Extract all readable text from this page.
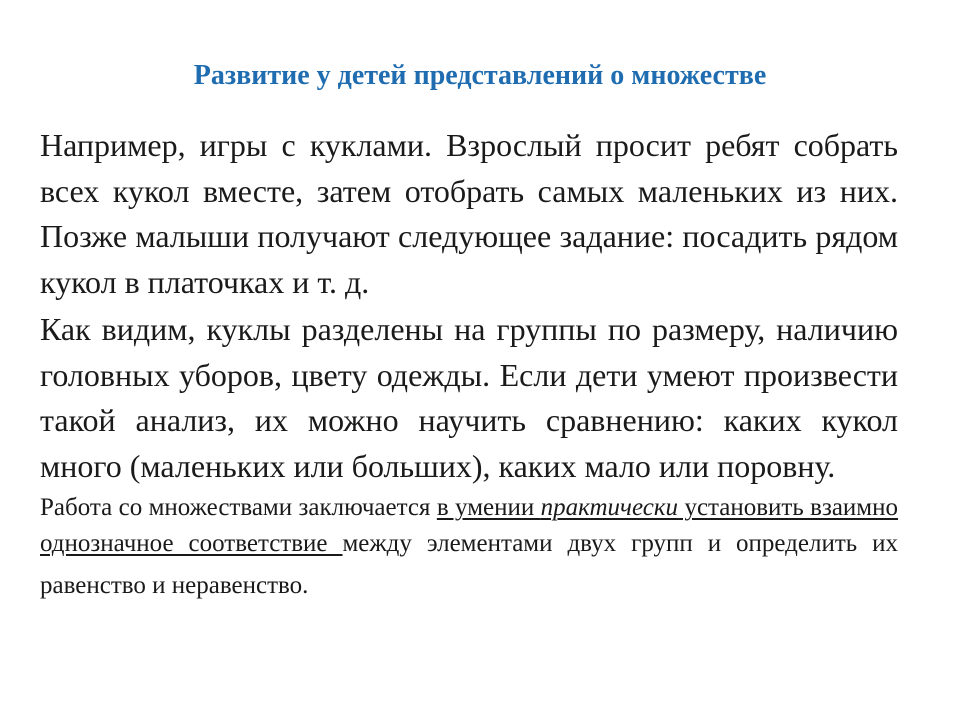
Развитие у детей представлений о множестве

Например, игры с куклами. Взрослый просит ребят собрать всех кукол вместе, затем отобрать самых маленьких из них. Позже малыши получают следующее задание: посадить рядом кукол в платочках и т. д.

Как видим, куклы разделены на группы по размеру, наличию головных уборов, цвету одежды. Если дети умеют произвести такой анализ, их можно научить сравнению: каких кукол много (маленьких или больших), каких мало или поровну.

Работа со множествами заключается в умении практически установить взаимно однозначное соответствие между элементами двух групп и определить их равенство и неравенство.
